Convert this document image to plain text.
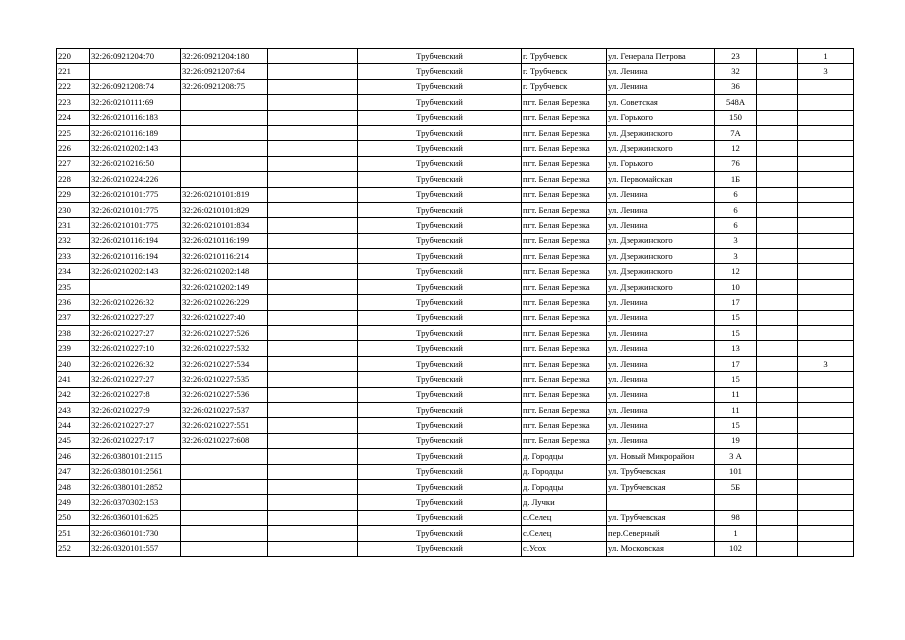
220	32:26:0921204:70	32:26:0921204:180		Трубчевский	г. Трубчевск	ул. Генерала Петрова	23		1
221		32:26:0921207:64		Трубчевский	г. Трубчевск	ул. Ленина	32		3
222	32:26:0921208:74	32:26:0921208:75		Трубчевский	г. Трубчевск	ул. Ленина	36		
223	32:26:0210111:69			Трубчевский	пгт. Белая Березка	ул. Советская	548А		
224	32:26:0210116:183			Трубчевский	пгт. Белая Березка	ул. Горького	150		
225	32:26:0210116:189			Трубчевский	пгт. Белая Березка	ул. Дзержинского	7А		
226	32:26:0210202:143			Трубчевский	пгт. Белая Березка	ул. Дзержинского	12		
227	32:26:0210216:50			Трубчевский	пгт. Белая Березка	ул. Горького	76		
228	32:26:0210224:226			Трубчевский	пгт. Белая Березка	ул. Первомайская	1Б		
229	32:26:0210101:775	32:26:0210101:819		Трубчевский	пгт. Белая Березка	ул. Ленина	6		
230	32:26:0210101:775	32:26:0210101:829		Трубчевский	пгт. Белая Березка	ул. Ленина	6		
231	32:26:0210101:775	32:26:0210101:834		Трубчевский	пгт. Белая Березка	ул. Ленина	6		
232	32:26:0210116:194	32:26:0210116:199		Трубчевский	пгт. Белая Березка	ул. Дзержинского	3		
233	32:26:0210116:194	32:26:0210116:214		Трубчевский	пгт. Белая Березка	ул. Дзержинского	3		
234	32:26:0210202:143	32:26:0210202:148		Трубчевский	пгт. Белая Березка	ул. Дзержинского	12		
235		32:26:0210202:149		Трубчевский	пгт. Белая Березка	ул. Дзержинского	10		
236	32:26:0210226:32	32:26:0210226:229		Трубчевский	пгт. Белая Березка	ул. Ленина	17		
237	32:26:0210227:27	32:26:0210227:40		Трубчевский	пгт. Белая Березка	ул. Ленина	15		
238	32:26:0210227:27	32:26:0210227:526		Трубчевский	пгт. Белая Березка	ул. Ленина	15		
239	32:26:0210227:10	32:26:0210227:532		Трубчевский	пгт. Белая Березка	ул. Ленина	13		
240	32:26:0210226:32	32:26:0210227:534		Трубчевский	пгт. Белая Березка	ул. Ленина	17		3
241	32:26:0210227:27	32:26:0210227:535		Трубчевский	пгт. Белая Березка	ул. Ленина	15		
242	32:26:0210227:8	32:26:0210227:536		Трубчевский	пгт. Белая Березка	ул. Ленина	11		
243	32:26:0210227:9	32:26:0210227:537		Трубчевский	пгт. Белая Березка	ул. Ленина	11		
244	32:26:0210227:27	32:26:0210227:551		Трубчевский	пгт. Белая Березка	ул. Ленина	15		
245	32:26:0210227:17	32:26:0210227:608		Трубчевский	пгт. Белая Березка	ул. Ленина	19		
246	32:26:0380101:2115			Трубчевский	д. Городцы	ул. Новый Микрорайон	3 А		
247	32:26:0380101:2561			Трубчевский	д. Городцы	ул. Трубчевская	101		
248	32:26:0380101:2852			Трубчевский	д. Городцы	ул. Трубчевская	5Б		
249	32:26:0370302:153			Трубчевский	д. Лучки				
250	32:26:0360101:625			Трубчевский	с.Селец	ул. Трубчевская	98		
251	32:26:0360101:730			Трубчевский	с.Селец	пер.Северный	1		
252	32:26:0320101:557			Трубчевский	с.Усох	ул. Московская	102		
